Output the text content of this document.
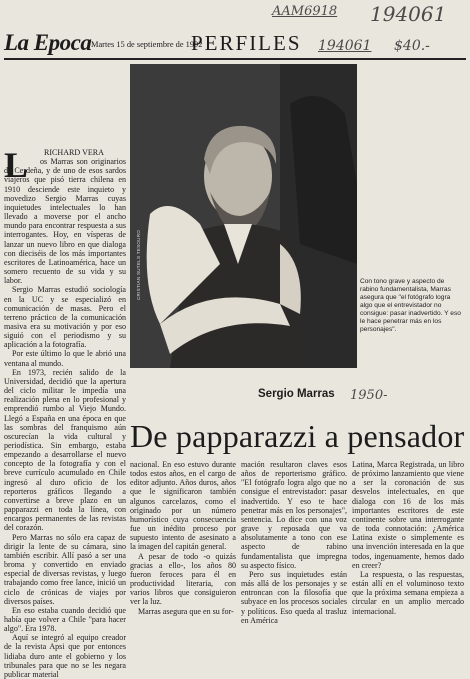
AAM6918 194061
194061 $40.-
La Epoca Martes 15 de septiembre de 1992
PERFILES
L	RICHARD VERA

os Marras son originarios de Cerdeña, y de uno de esos sardos viajeros que pisó tierra chilena en 1910 desciende este inquieto y movedizo Sergio Marras cuyas inquietudes intelectuales lo han llevado a moverse por el ancho mundo para encontrar respuesta a sus interrogantes. Hoy, en vísperas de lanzar un nuevo libro en que dialoga con dieciséis de los más importantes escritores de Latinoamérica, hace un somero recuento de su vida y su labor.

Sergio Marras estudió sociología en la UC y se especializó en comunicación de masas. Pero el terreno práctico de la comunicación masiva era su motivación y por eso siguió con el periodismo y su aplicación a la fotografía.

Por este último lo que le abrió una ventana al mundo.

En 1973, recién salido de la Universidad, decidió que la apertura del ciclo militar le impedía una realización plena en lo profesional y emprendió rumbo al Viejo Mundo. Llegó a España en una época en que las sombras del franquismo aún oscurecían la vida cultural y periodística. Sin embargo, estaba empezando a desarrollarse el nuevo concepto de la fotografía y con el breve currículo acumulado en Chile ingresó al duro oficio de los reporteros gráficos llegando a convertirse a breve plazo en un papparazzi en toda la línea, con encargos permanentes de las revistas del corazón.

Pero Marras no sólo era capaz de dirigir la lente de su cámara, sino también escribir. Allí pasó a ser una broma y convertido en enviado especial de diversas revistas, y luego trabajando como free lance, inició un ciclo de crónicas de viajes por diversos países.

En eso estaba cuando decidió que había que volver a Chile "para hacer algo". Era 1978.

Aquí se integró al equipo creador de la revista Apsi que por entonces lidiaba duro ante el gobierno y los tribunales para que no se les negara publicar material

CRISTIAN SUTELS TESOURO	Con tono grave y aspecto de rabino fundamentalista, Marras asegura que "el fotógrafo logra algo que el entrevistador no consigue: pasar inadvertido. Y eso le hace penetrar más en los personajes".
Sergio Marras 1950-
De papparazzi a pensador

nacional. En eso estuvo durante todos estos años, en el cargo de editor adjunto. Años duros, años que le significaron también algunos carcelazos, como el originado por un número humorístico cuya consecuencia fue un inédito proceso por supuesto intento de asesinato a la imagen del capitán general.

A pesar de todo -o quizás gracias a ello-, los años 80 fueron feroces para él en productividad literaria, con varios libros que consiguieron ver la luz.

Marras asegura que en su for-

mación resultaron claves esos años de reporterismo gráfico. "El fotógrafo logra algo que no consigue el entrevistador: pasar inadvertido. Y eso te hace penetrar más en los personajes", sentencia. Lo dice con una voz grave y reposada que va absolutamente a tono con ese aspecto de rabino fundamentalista que impregna su aspecto físico.

Pero sus inquietudes están más allá de los personajes y se entroncan con la filosofía que subyace en los procesos sociales y políticos. Eso queda al trasluz en América

Latina, Marca Registrada, un libro de próximo lanzamiento que viene a ser la coronación de sus desvelos intelectuales, en que dialoga con 16 de los más importantes escritores de este continente sobre una interrogante de toda connotación: ¿América Latina existe o simplemente es una invención interesada en la que todos, ingenuamente, hemos dado en creer?

La respuesta, o las respuestas, están allí en el voluminoso texto que la próxima semana empieza a circular en un amplio mercado internacional.
